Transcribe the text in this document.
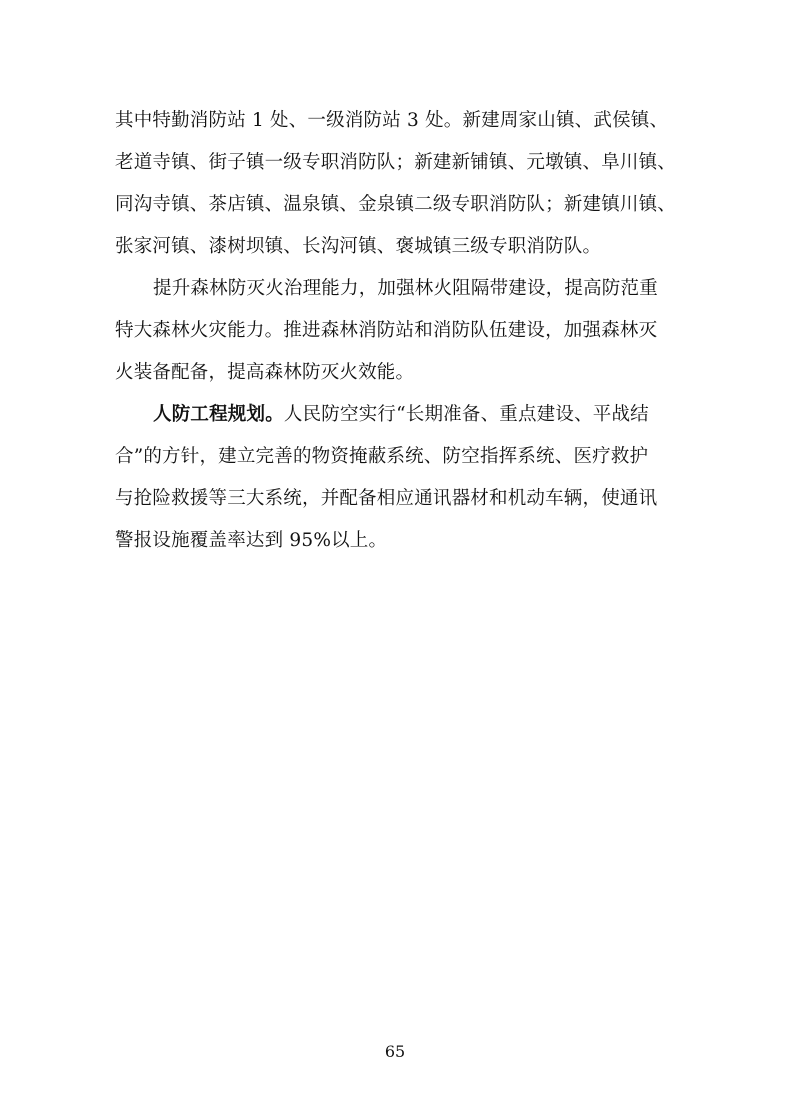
其中特勤消防站 1 处、一级消防站 3 处。新建周家山镇、武侯镇、
老道寺镇、街子镇一级专职消防队；新建新铺镇、元墩镇、阜川镇、
同沟寺镇、茶店镇、温泉镇、金泉镇二级专职消防队；新建镇川镇、
张家河镇、漆树坝镇、长沟河镇、褒城镇三级专职消防队。
提升森林防灭火治理能力，加强林火阻隔带建设，提高防范重
特大森林火灾能力。推进森林消防站和消防队伍建设，加强森林灭
火装备配备，提高森林防灭火效能。
人防工程规划。人民防空实行“长期准备、重点建设、平战结
合”的方针，建立完善的物资掩蔽系统、防空指挥系统、医疗救护
与抢险救援等三大系统，并配备相应通讯器材和机动车辆，使通讯
警报设施覆盖率达到 95%以上。
65
